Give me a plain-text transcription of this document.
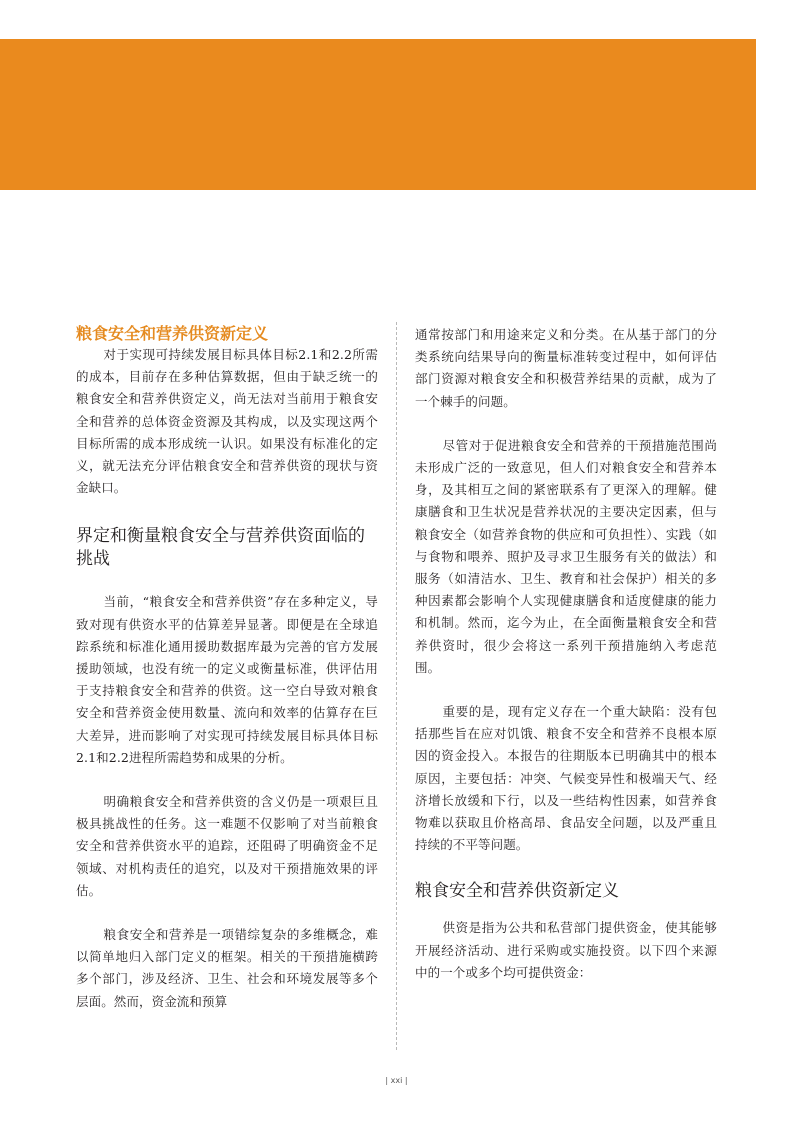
粮食安全和营养供资新定义

对于实现可持续发展目标具体目标2.1和2.2所需的成本，目前存在多种估算数据，但由于缺乏统一的粮食安全和营养供资定义，尚无法对当前用于粮食安全和营养的总体资金资源及其构成，以及实现这两个目标所需的成本形成统一认识。如果没有标准化的定义，就无法充分评估粮食安全和营养供资的现状与资金缺口。

界定和衡量粮食安全与营养供资面临的挑战

当前，“粮食安全和营养供资”存在多种定义，导致对现有供资水平的估算差异显著。即便是在全球追踪系统和标准化通用援助数据库最为完善的官方发展援助领域，也没有统一的定义或衡量标准，供评估用于支持粮食安全和营养的供资。这一空白导致对粮食安全和营养资金使用数量、流向和效率的估算存在巨大差异，进而影响了对实现可持续发展目标具体目标2.1和2.2进程所需趋势和成果的分析。

明确粮食安全和营养供资的含义仍是一项艰巨且极具挑战性的任务。这一难题不仅影响了对当前粮食安全和营养供资水平的追踪，还阻碍了明确资金不足领域、对机构责任的追究，以及对干预措施效果的评估。

粮食安全和营养是一项错综复杂的多维概念，难以简单地归入部门定义的框架。相关的干预措施横跨多个部门，涉及经济、卫生、社会和环境发展等多个层面。然而，资金流和预算

通常按部门和用途来定义和分类。在从基于部门的分类系统向结果导向的衡量标准转变过程中，如何评估部门资源对粮食安全和积极营养结果的贡献，成为了一个棘手的问题。

尽管对于促进粮食安全和营养的干预措施范围尚未形成广泛的一致意见，但人们对粮食安全和营养本身，及其相互之间的紧密联系有了更深入的理解。健康膳食和卫生状况是营养状况的主要决定因素，但与粮食安全（如营养食物的供应和可负担性）、实践（如与食物和喂养、照护及寻求卫生服务有关的做法）和服务（如清洁水、卫生、教育和社会保护）相关的多种因素都会影响个人实现健康膳食和适度健康的能力和机制。然而，迄今为止，在全面衡量粮食安全和营养供资时，很少会将这一系列干预措施纳入考虑范围。

重要的是，现有定义存在一个重大缺陷：没有包括那些旨在应对饥饿、粮食不安全和营养不良根本原因的资金投入。本报告的往期版本已明确其中的根本原因，主要包括：冲突、气候变异性和极端天气、经济增长放缓和下行，以及一些结构性因素，如营养食物难以获取且价格高昂、食品安全问题，以及严重且持续的不平等问题。

粮食安全和营养供资新定义

供资是指为公共和私营部门提供资金，使其能够开展经济活动、进行采购或实施投资。以下四个来源中的一个或多个均可提供资金：

| xxi |
